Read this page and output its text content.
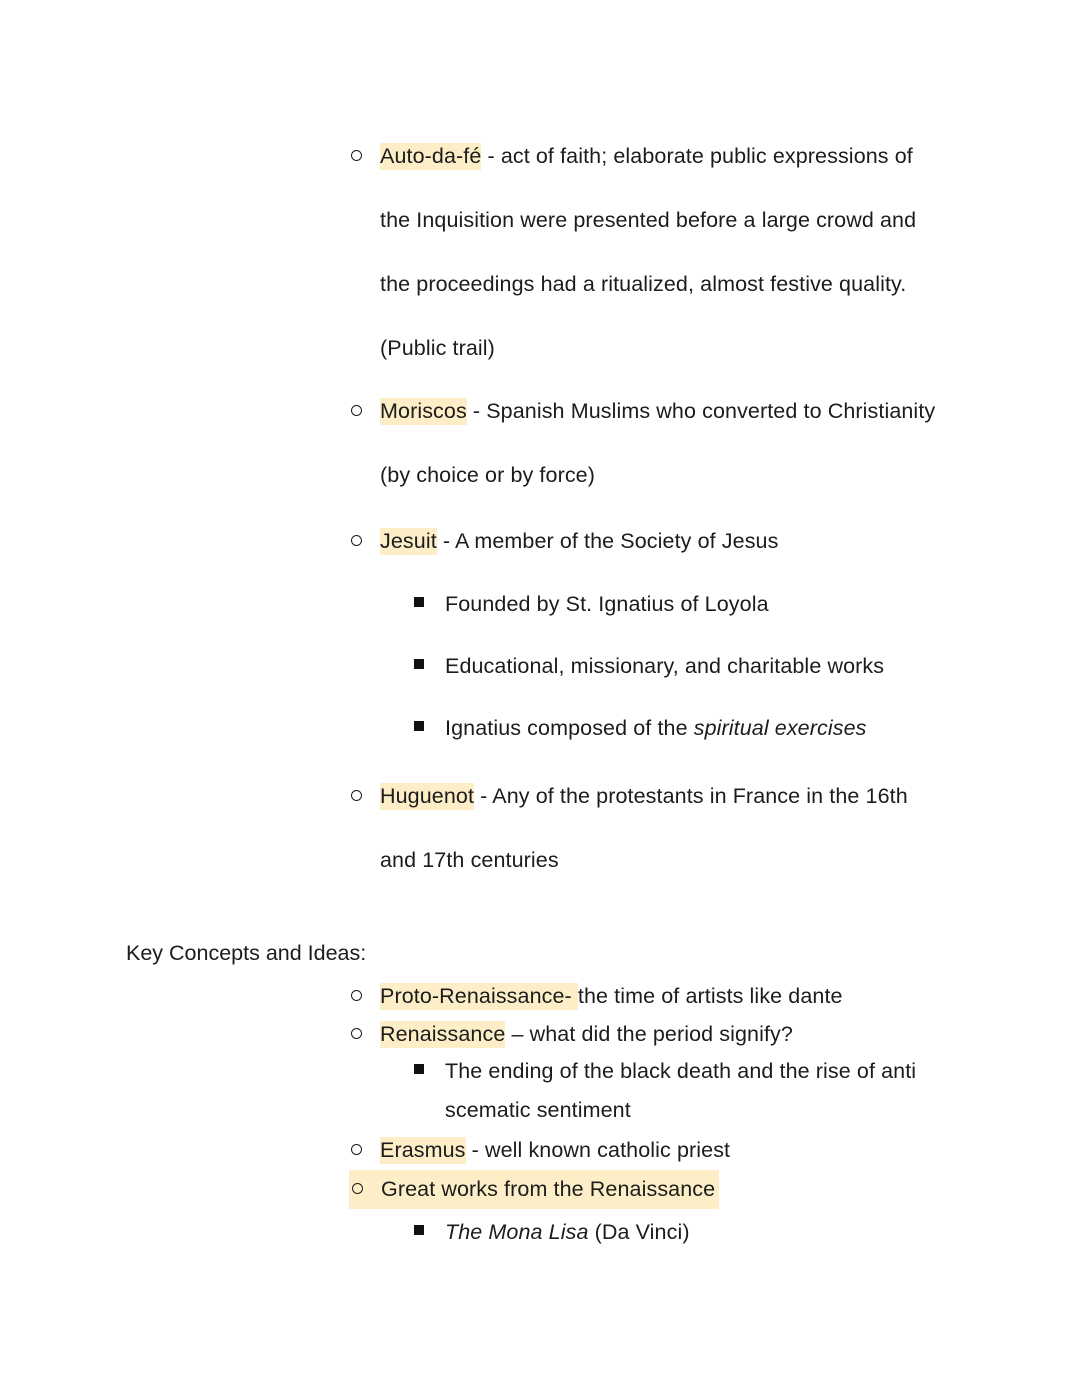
Auto-da-fé - act of faith; elaborate public expressions of the Inquisition were presented before a large crowd and the proceedings had a ritualized, almost festive quality. (Public trail)
Moriscos - Spanish Muslims who converted to Christianity (by choice or by force)
Jesuit - A member of the Society of Jesus
Founded by St. Ignatius of Loyola
Educational, missionary, and charitable works
Ignatius composed of the spiritual exercises
Huguenot - Any of the protestants in France in the 16th and 17th centuries
Key Concepts and Ideas:
Proto-Renaissance- the time of artists like dante
Renaissance – what did the period signify?
The ending of the black death and the rise of anti scematic sentiment
Erasmus - well known catholic priest
Great works from the Renaissance
The Mona Lisa (Da Vinci)
